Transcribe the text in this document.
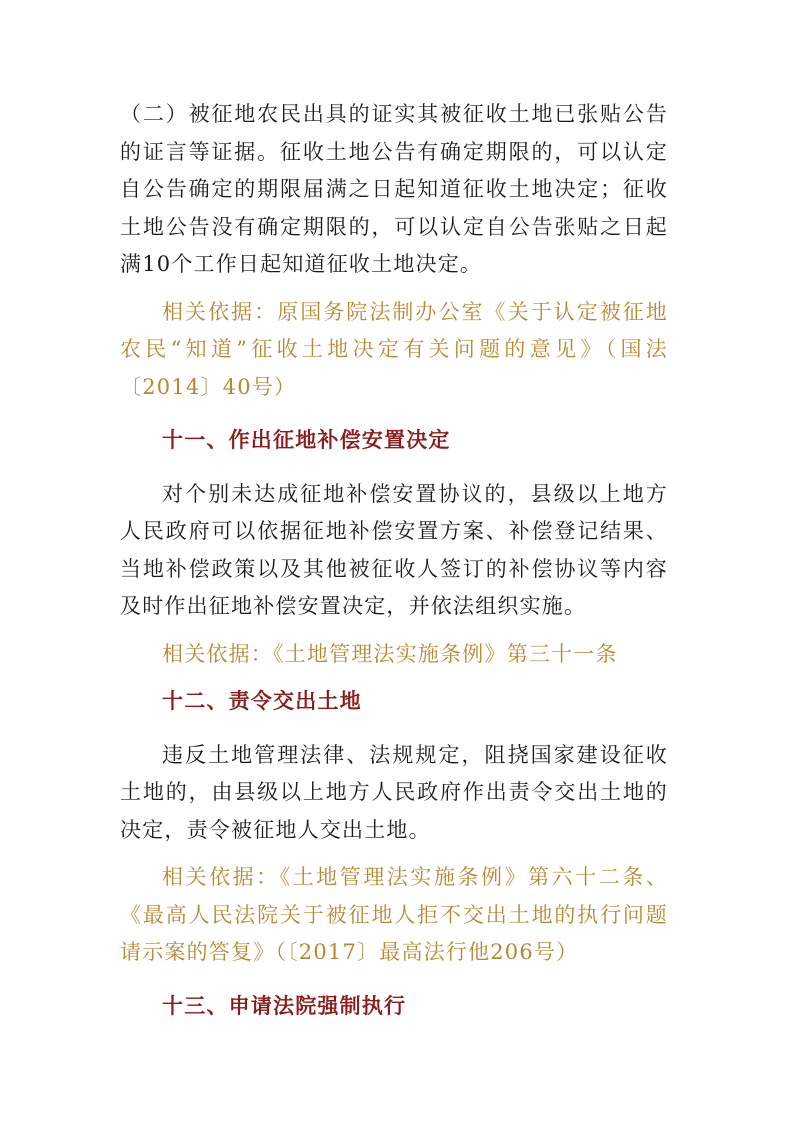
（二）被征地农民出具的证实其被征收土地已张贴公告的证言等证据。征收土地公告有确定期限的，可以认定自公告确定的期限届满之日起知道征收土地决定；征收土地公告没有确定期限的，可以认定自公告张贴之日起满10个工作日起知道征收土地决定。

相关依据：原国务院法制办公室《关于认定被征地农民“知道”征收土地决定有关问题的意见》（国法〔2014〕40号）

十一、作出征地补偿安置决定

对个别未达成征地补偿安置协议的，县级以上地方人民政府可以依据征地补偿安置方案、补偿登记结果、当地补偿政策以及其他被征收人签订的补偿协议等内容及时作出征地补偿安置决定，并依法组织实施。

相关依据：《土地管理法实施条例》第三十一条

十二、责令交出土地

违反土地管理法律、法规规定，阻挠国家建设征收土地的，由县级以上地方人民政府作出责令交出土地的决定，责令被征地人交出土地。

相关依据：《土地管理法实施条例》第六十二条、《最高人民法院关于被征地人拒不交出土地的执行问题请示案的答复》（〔2017〕最高法行他206号）

十三、申请法院强制执行
